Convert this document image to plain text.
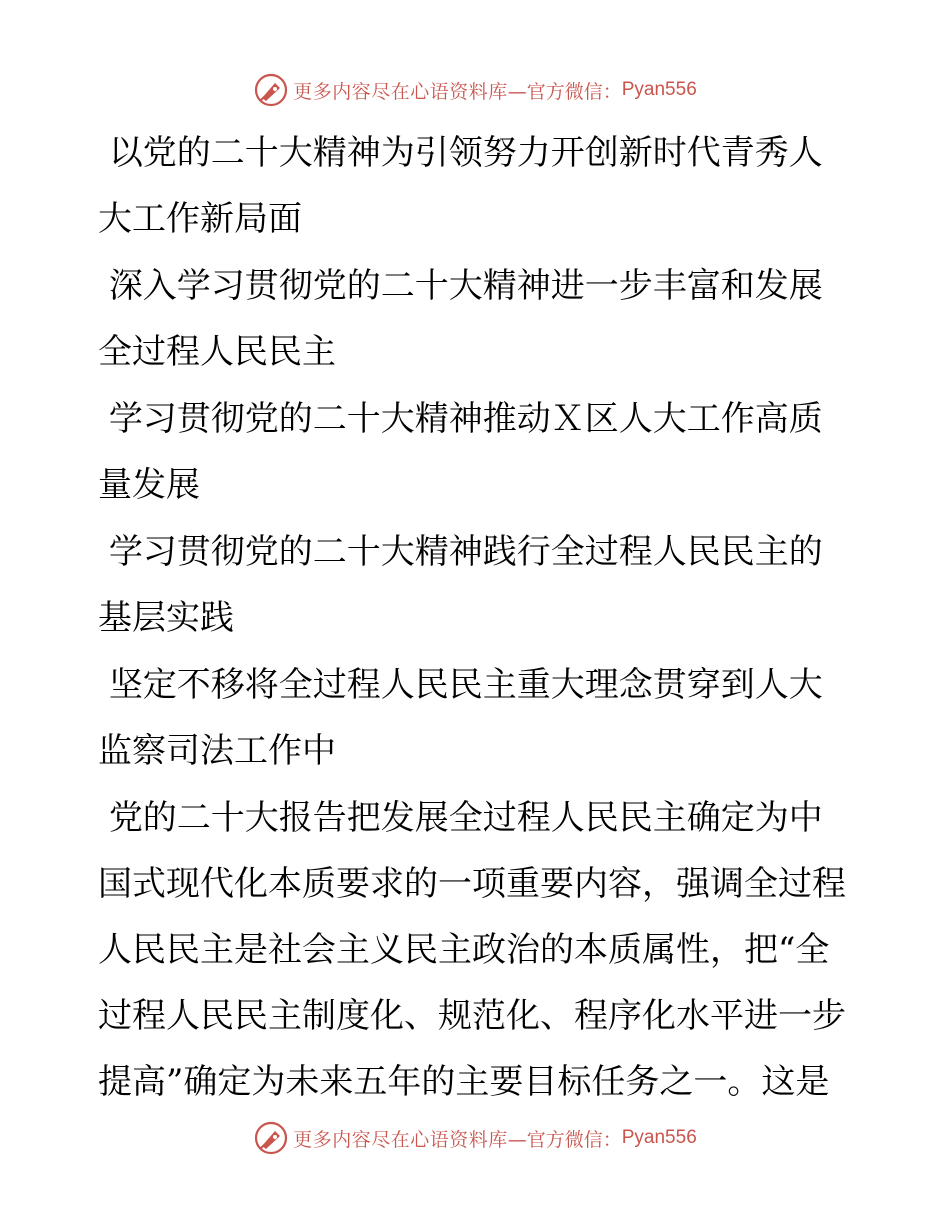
更多内容尽在心语资料库 —官方微信： Pyan556

以党的二十大精神为引领努力开创新时代青秀人
大工作新局面

深入学习贯彻党的二十大精神进一步丰富和发展
全过程人民民主

学习贯彻党的二十大精神推动Ｘ区人大工作高质
量发展

学习贯彻党的二十大精神践行全过程人民民主的
基层实践

坚定不移将全过程人民民主重大理念贯穿到人大
监察司法工作中

党的二十大报告把发展全过程人民民主确定为中
国式现代化本质要求的一项重要内容，强调全过程
人民民主是社会主义民主政治的本质属性，把“全
过程人民民主制度化、规范化、程序化水平进一步
提高”确定为未来五年的主要目标任务之一。这是

更多内容尽在心语资料库 —官方微信： Pyan556
